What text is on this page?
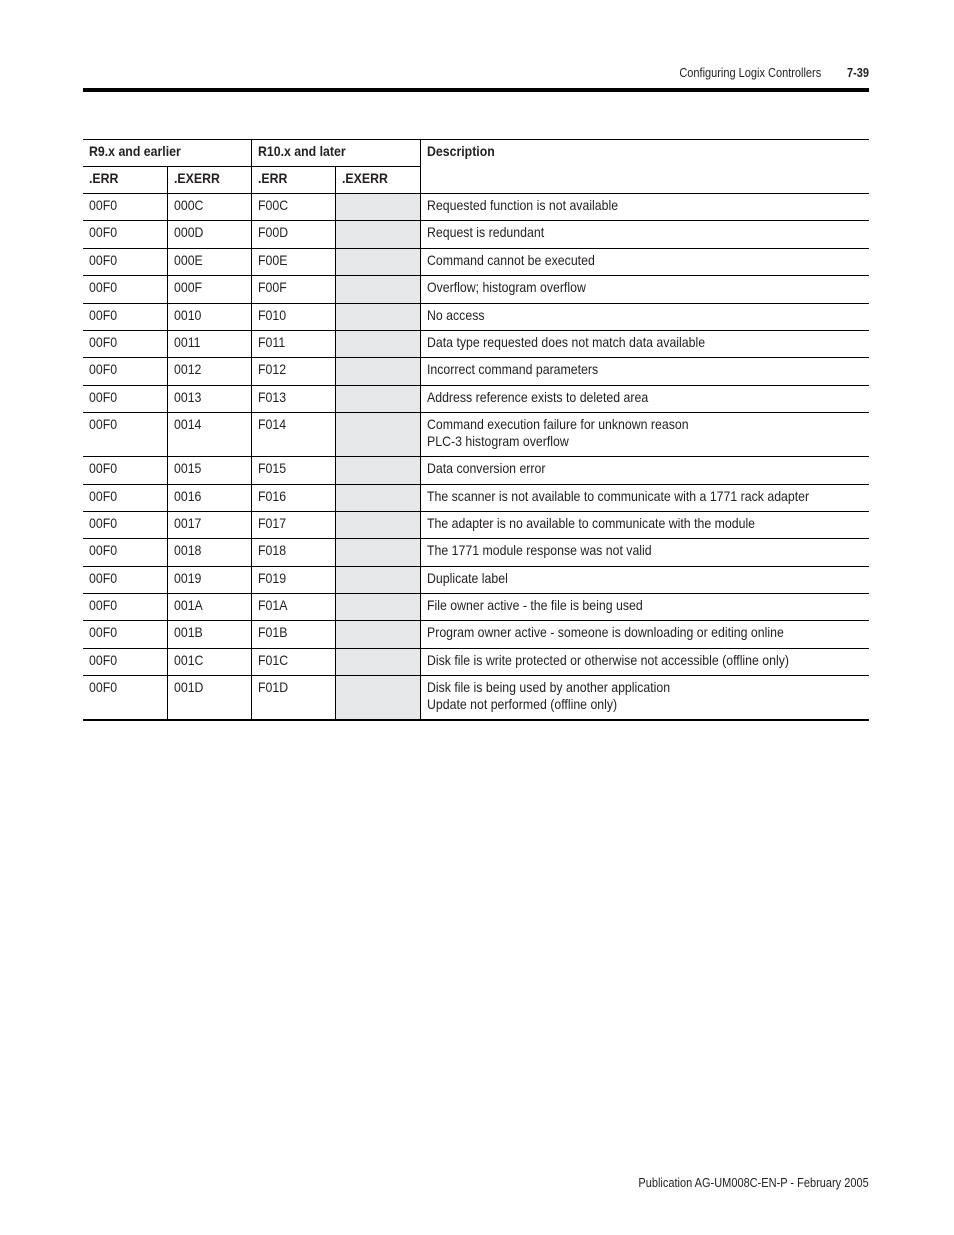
Configuring Logix Controllers 7-39
R9.x and earlier		R10.x and later		Description
.ERR	.EXERR	.ERR	.EXERR	
00F0	000C	F00C		Requested function is not available

00F0	000D	F00D		Request is redundant

00F0	000E	F00E		Command cannot be executed

00F0	000F	F00F		Overflow; histogram overflow

00F0	0010	F010		No access

00F0	0011	F011		Data type requested does not match data available

00F0	0012	F012		Incorrect command parameters

00F0	0013	F013		Address reference exists to deleted area

00F0	0014	F014		Command execution failure for unknown reason
PLC-3 histogram overflow

00F0	0015	F015		Data conversion error

00F0	0016	F016		The scanner is not available to communicate with a 1771 rack adapter

00F0	0017	F017		The adapter is no available to communicate with the module

00F0	0018	F018		The 1771 module response was not valid

00F0	0019	F019		Duplicate label

00F0	001A	F01A		File owner active - the file is being used

00F0	001B	F01B		Program owner active - someone is downloading or editing online

00F0	001C	F01C		Disk file is write protected or otherwise not accessible (offline only)

00F0	001D	F01D		Disk file is being used by another application
Update not performed (offline only)
Publication AG-UM008C-EN-P - February 2005
